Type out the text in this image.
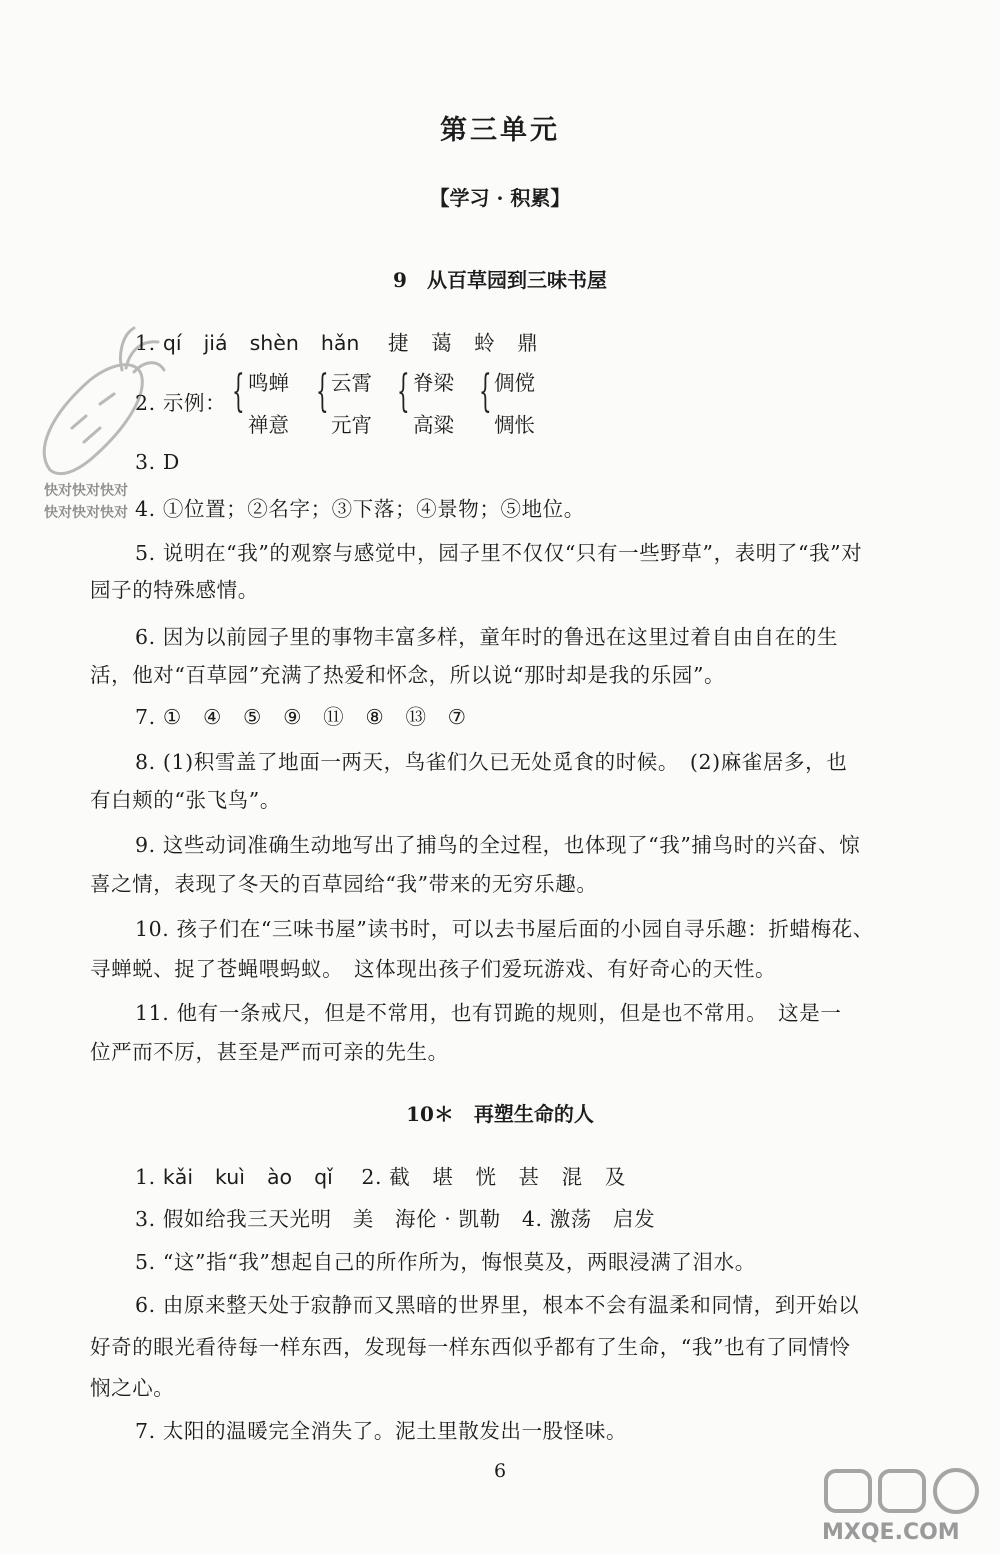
快对快对快对
快对快对快对
第三单元
【学习 · 积累】
9　从百草园到三味书屋
1. qí jiá shèn hǎn 捷 蔼 蛉 鼎
2. 示例： { 鸣蝉
禅意
{ 云霄
元宵
{ 脊梁
高粱
{ 倜傥
惆怅
3. D
4. ①位置；②名字；③下落；④景物；⑤地位。
5. 说明在“我”的观察与感觉中，园子里不仅仅“只有一些野草”，表明了“我”对
园子的特殊感情。
6. 因为以前园子里的事物丰富多样，童年时的鲁迅在这里过着自由自在的生
活，他对“百草园”充满了热爱和怀念，所以说“那时却是我的乐园”。
7. ①　④　⑤　⑨　⑪　⑧　⑬　⑦
8. (1)积雪盖了地面一两天，鸟雀们久已无处觅食的时候。　(2)麻雀居多，也
有白颊的“张飞鸟”。
9. 这些动词准确生动地写出了捕鸟的全过程，也体现了“我”捕鸟时的兴奋、惊
喜之情，表现了冬天的百草园给“我”带来的无穷乐趣。
10. 孩子们在“三味书屋”读书时，可以去书屋后面的小园自寻乐趣：折蜡梅花、
寻蝉蜕、捉了苍蝇喂蚂蚁。　这体现出孩子们爱玩游戏、有好奇心的天性。
11. 他有一条戒尺，但是不常用，也有罚跪的规则，但是也不常用。　这是一
位严而不厉，甚至是严而可亲的先生。
10＊　再塑生命的人
1. kǎi kuì ào qǐ 2. 截 堪 恍 甚 混 及
3. 假如给我三天光明　美　海伦 · 凯勒　4. 激荡　启发
5. “这”指“我”想起自己的所作所为，悔恨莫及，两眼浸满了泪水。
6. 由原来整天处于寂静而又黑暗的世界里，根本不会有温柔和同情，到开始以
好奇的眼光看待每一样东西，发现每一样东西似乎都有了生命，“我”也有了同情怜
悯之心。
7. 太阳的温暖完全消失了。泥土里散发出一股怪味。
6
MXQE.COM
